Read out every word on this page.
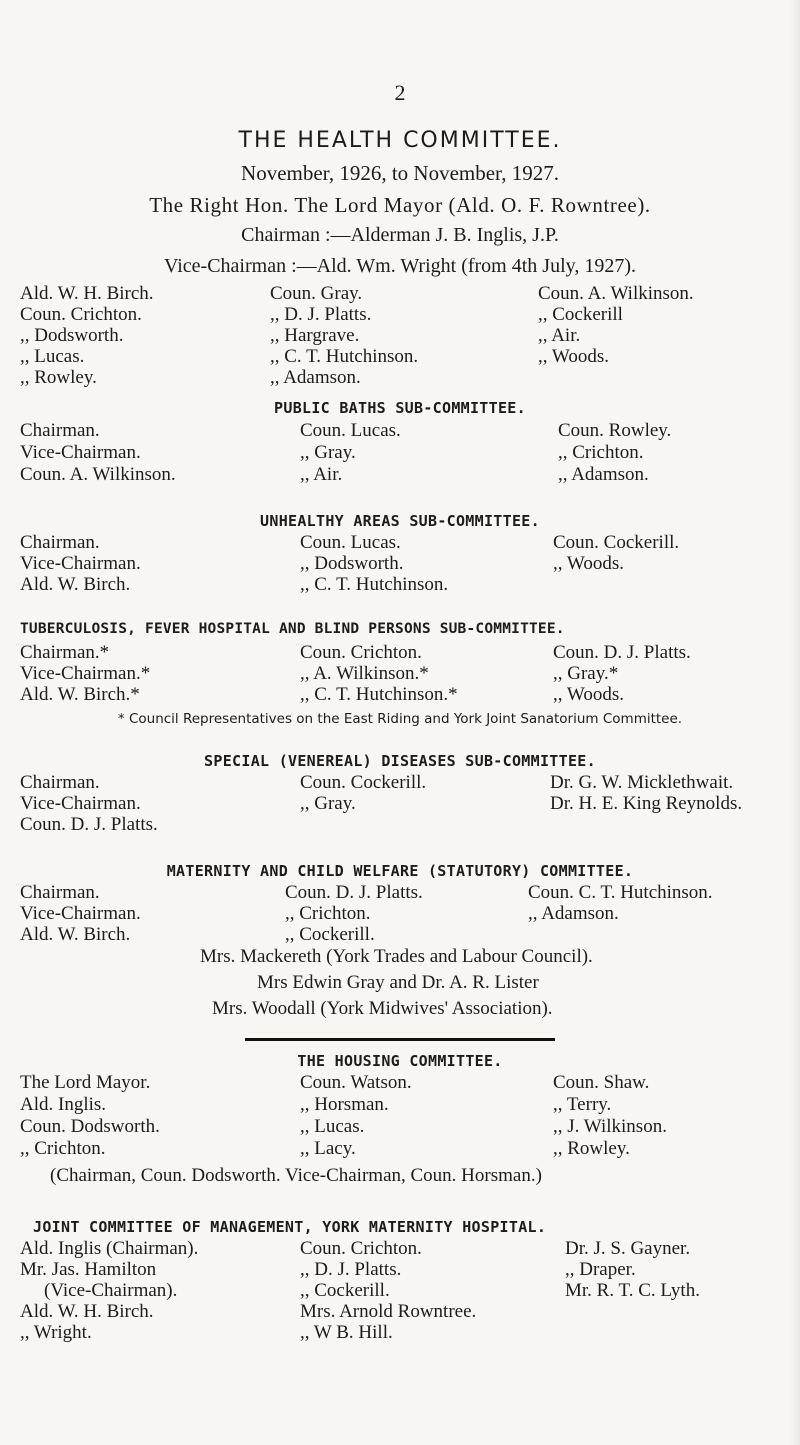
2
THE HEALTH COMMITTEE.
November, 1926, to November, 1927.
The Right Hon. The Lord Mayor (Ald. O. F. Rowntree).
Chairman :—Alderman J. B. Inglis, J.P.
Vice-Chairman :—Ald. Wm. Wright (from 4th July, 1927).
Ald. W. H. Birch.
Coun. Crichton.
,, Dodsworth.
,, Lucas.
,, Rowley.
Coun. Gray.
,, D. J. Platts.
,, Hargrave.
,, C. T. Hutchinson.
,, Adamson.
Coun. A. Wilkinson.
,, Cockerill
,, Air.
,, Woods.
PUBLIC BATHS SUB-COMMITTEE.
Chairman.
Vice-Chairman.
Coun. A. Wilkinson.
Coun. Lucas.
,, Gray.
,, Air.
Coun. Rowley.
,, Crichton.
,, Adamson.
UNHEALTHY AREAS SUB-COMMITTEE.
Chairman.
Vice-Chairman.
Ald. W. Birch.
Coun. Lucas.
,, Dodsworth.
,, C. T. Hutchinson.
Coun. Cockerill.
,, Woods.
TUBERCULOSIS, FEVER HOSPITAL AND BLIND PERSONS SUB-COMMITTEE.
Chairman.*
Vice-Chairman.*
Ald. W. Birch.*
Coun. Crichton.
,, A. Wilkinson.*
,, C. T. Hutchinson.*
Coun. D. J. Platts.
,, Gray.*
,, Woods.
* Council Representatives on the East Riding and York Joint Sanatorium Committee.
SPECIAL (VENEREAL) DISEASES SUB-COMMITTEE.
Chairman.
Vice-Chairman.
Coun. D. J. Platts.
Coun. Cockerill.
,, Gray.
Dr. G. W. Micklethwait.
Dr. H. E. King Reynolds.
MATERNITY AND CHILD WELFARE (STATUTORY) COMMITTEE.
Chairman.
Vice-Chairman.
Ald. W. Birch.
Coun. D. J. Platts.
,, Crichton.
,, Cockerill.
Coun. C. T. Hutchinson.
,, Adamson.
Mrs. Mackereth (York Trades and Labour Council).
Mrs Edwin Gray and Dr. A. R. Lister
Mrs. Woodall (York Midwives' Association).
THE HOUSING COMMITTEE.
The Lord Mayor.
Ald. Inglis.
Coun. Dodsworth.
,, Crichton.
Coun. Watson.
,, Horsman.
,, Lucas.
,, Lacy.
Coun. Shaw.
,, Terry.
,, J. Wilkinson.
,, Rowley.
(Chairman, Coun. Dodsworth. Vice-Chairman, Coun. Horsman.)
JOINT COMMITTEE OF MANAGEMENT, YORK MATERNITY HOSPITAL.
Ald. Inglis (Chairman).
Mr. Jas. Hamilton
(Vice-Chairman).
Ald. W. H. Birch.
,, Wright.
Coun. Crichton.
,, D. J. Platts.
,, Cockerill.
Mrs. Arnold Rowntree.
,, W B. Hill.
Dr. J. S. Gayner.
,, Draper.
Mr. R. T. C. Lyth.
